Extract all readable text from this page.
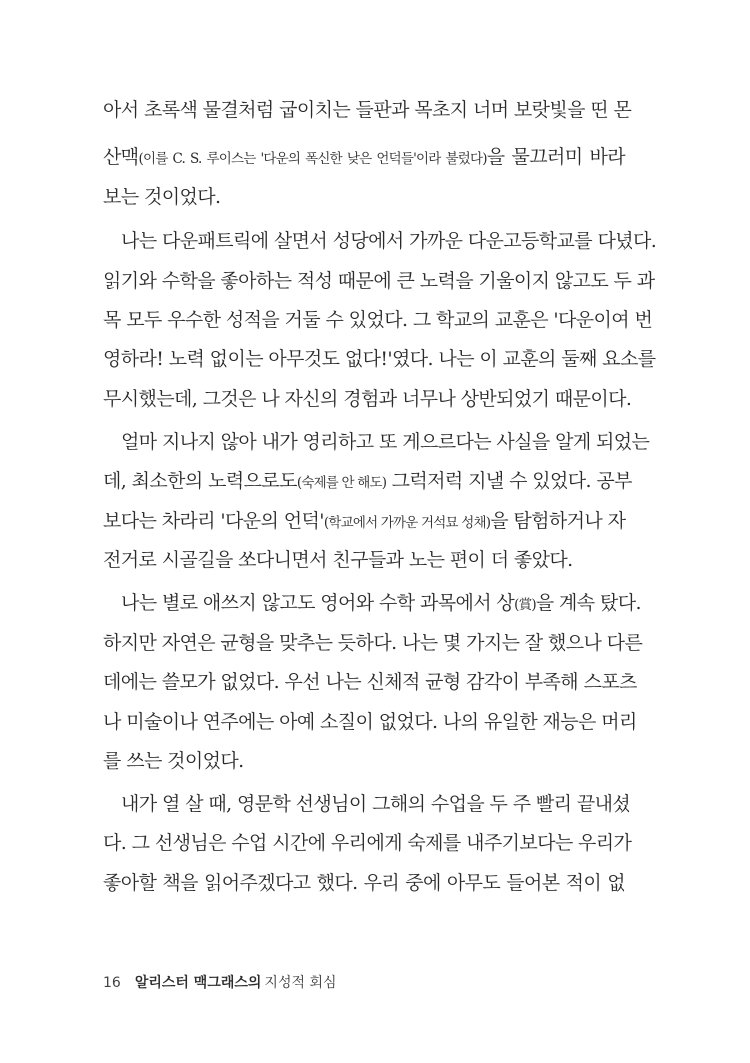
아서 초록색 물결처럼 굽이치는 들판과 목초지 너머 보랏빛을 띤 몬
산맥(이를 C. S. 루이스는 '다운의 폭신한 낮은 언덕들'이라 불렀다)을 물끄러미 바라
보는 것이었다.
나는 다운패트릭에 살면서 성당에서 가까운 다운고등학교를 다녔다.
읽기와 수학을 좋아하는 적성 때문에 큰 노력을 기울이지 않고도 두 과
목 모두 우수한 성적을 거둘 수 있었다. 그 학교의 교훈은 '다운이여 번
영하라! 노력 없이는 아무것도 없다!'였다. 나는 이 교훈의 둘째 요소를
무시했는데, 그것은 나 자신의 경험과 너무나 상반되었기 때문이다.
얼마 지나지 않아 내가 영리하고 또 게으르다는 사실을 알게 되었는
데, 최소한의 노력으로도(숙제를 안 해도) 그럭저럭 지낼 수 있었다. 공부
보다는 차라리 '다운의 언덕'(학교에서 가까운 거석묘 성채)을 탐험하거나 자
전거로 시골길을 쏘다니면서 친구들과 노는 편이 더 좋았다.
나는 별로 애쓰지 않고도 영어와 수학 과목에서 상(賞)을 계속 탔다.
하지만 자연은 균형을 맞추는 듯하다. 나는 몇 가지는 잘 했으나 다른
데에는 쓸모가 없었다. 우선 나는 신체적 균형 감각이 부족해 스포츠
나 미술이나 연주에는 아예 소질이 없었다. 나의 유일한 재능은 머리
를 쓰는 것이었다.
내가 열 살 때, 영문학 선생님이 그해의 수업을 두 주 빨리 끝내셨
다. 그 선생님은 수업 시간에 우리에게 숙제를 내주기보다는 우리가
좋아할 책을 읽어주겠다고 했다. 우리 중에 아무도 들어본 적이 없
16 알리스터 맥그래스의 지성적 회심
